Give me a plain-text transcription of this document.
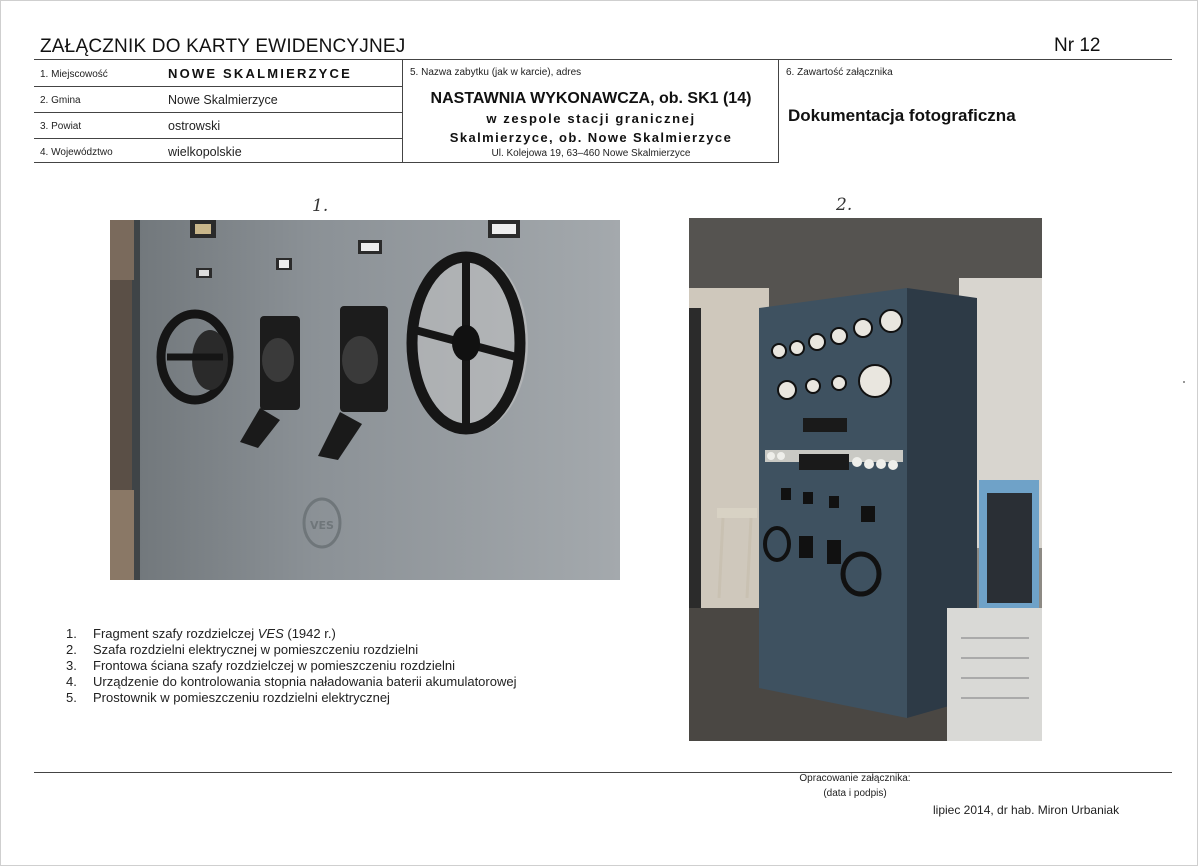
ZAŁĄCZNIK DO KARTY EWIDENCYJNEJ	Nr 12
1. Miejscowość	NOWE SKALMIERZYCE
2. Gmina	Nowe Skalmierzyce
3. Powiat	ostrowski
4. Województwo	wielkopolskie
5. Nazwa zabytku (jak w karcie), adres
NASTAWNIA WYKONAWCZA, ob. SK1 (14)
w zespole stacji granicznej
Skalmierzyce, ob. Nowe Skalmierzyce
Ul. Kolejowa 19, 63–460 Nowe Skalmierzyce
6. Zawartość załącznika
Dokumentacja fotograficzna
1.	2.
VES
1. Fragment szafy rozdzielczej VES (1942 r.)
2. Szafa rozdzielni elektrycznej w pomieszczeniu rozdzielni
3. Frontowa ściana szafy rozdzielczej w pomieszczeniu rozdzielni
4. Urządzenie do kontrolowania stopnia naładowania baterii akumulatorowej
5. Prostownik w pomieszczeniu rozdzielni elektrycznej
Opracowanie załącznika:
(data i podpis)
lipiec 2014, dr hab. Miron Urbaniak
